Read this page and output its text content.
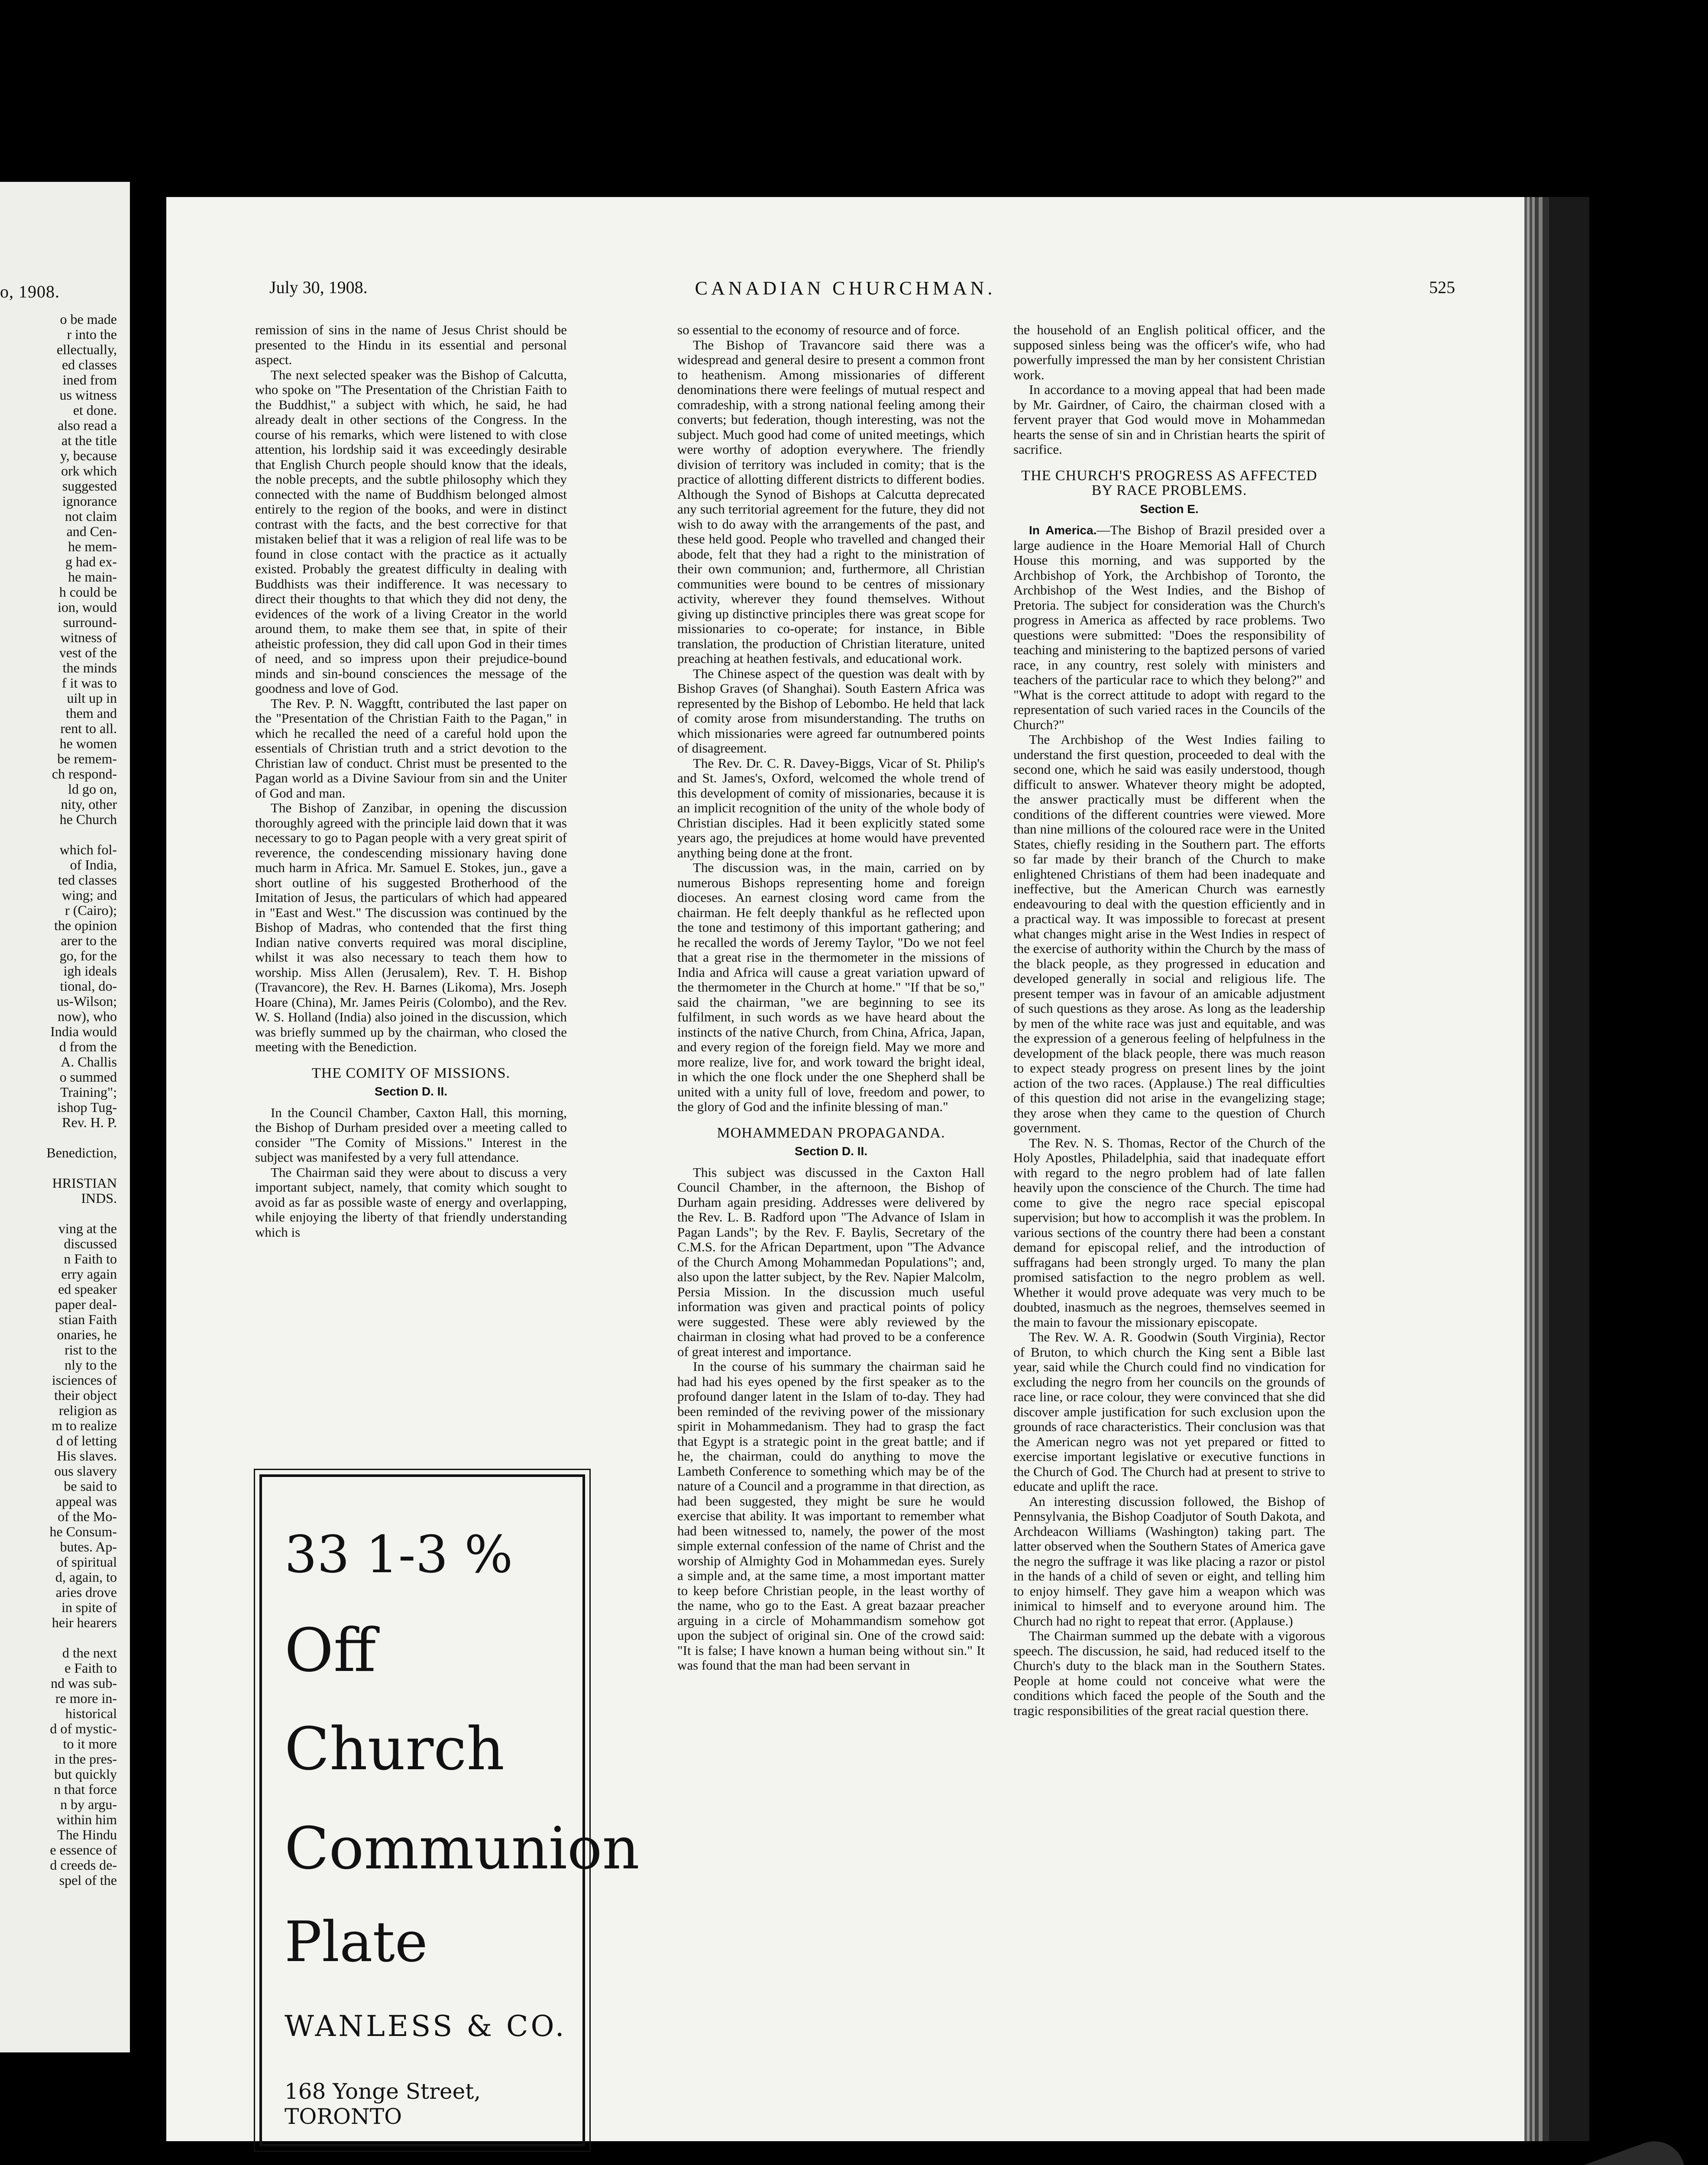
o, 1908.
o be made
r into the
ellectually,
ed classes
ined from
us witness
et done.
also read a
at the title
y, because
ork which
suggested
ignorance
not claim
and Cen-
he mem-
g had ex-
he main-
h could be
ion, would
surround-
witness of
vest of the
the minds
f it was to
uilt up in
them and
rent to all.
he women
be remem-
ch respond-
ld go on,
nity, other
he Church

which fol-
of India,
ted classes
wing; and
r (Cairo);
the opinion
arer to the
go, for the
igh ideals
tional, do-
us-Wilson;
now), who
India would
d from the
A. Challis
o summed
Training";
ishop Tug-
Rev. H. P.

Benediction,

HRISTIAN
INDS.

ving at the
discussed
n Faith to
erry again
ed speaker
paper deal-
stian Faith
onaries, he
rist to the
nly to the
isciences of
their object
religion as
m to realize
d of letting
His slaves.
ous slavery
be said to
appeal was
of the Mo-
he Consum-
butes. Ap-
of spiritual
d, again, to
aries drove
in spite of
heir hearers

d the next
e Faith to
nd was sub-
re more in-
historical
d of mystic-
to it more
in the pres-
but quickly
n that force
n by argu-
within him
The Hindu
e essence of
d creeds de-
spel of the
July 30, 1908.	CANADIAN CHURCHMAN.	525

remission of sins in the name of Jesus Christ should be presented to the Hindu in its essential and personal aspect.

The next selected speaker was the Bishop of Calcutta, who spoke on "The Presentation of the Christian Faith to the Buddhist," a subject with which, he said, he had already dealt in other sections of the Congress. In the course of his remarks, which were listened to with close attention, his lordship said it was exceedingly desirable that English Church people should know that the ideals, the noble precepts, and the subtle philosophy which they connected with the name of Buddhism belonged almost entirely to the region of the books, and were in distinct contrast with the facts, and the best corrective for that mistaken belief that it was a religion of real life was to be found in close contact with the practice as it actually existed. Probably the greatest difficulty in dealing with Buddhists was their indifference. It was necessary to direct their thoughts to that which they did not deny, the evidences of the work of a living Creator in the world around them, to make them see that, in spite of their atheistic profession, they did call upon God in their times of need, and so impress upon their prejudice-bound minds and sin-bound consciences the message of the goodness and love of God.

The Rev. P. N. Waggftt, contributed the last paper on the "Presentation of the Christian Faith to the Pagan," in which he recalled the need of a careful hold upon the essentials of Christian truth and a strict devotion to the Christian law of conduct. Christ must be presented to the Pagan world as a Divine Saviour from sin and the Uniter of God and man.

The Bishop of Zanzibar, in opening the discussion thoroughly agreed with the principle laid down that it was necessary to go to Pagan people with a very great spirit of reverence, the condescending missionary having done much harm in Africa. Mr. Samuel E. Stokes, jun., gave a short outline of his suggested Brotherhood of the Imitation of Jesus, the particulars of which had appeared in "East and West." The discussion was continued by the Bishop of Madras, who contended that the first thing Indian native converts required was moral discipline, whilst it was also necessary to teach them how to worship. Miss Allen (Jerusalem), Rev. T. H. Bishop (Travancore), the Rev. H. Barnes (Likoma), Mrs. Joseph Hoare (China), Mr. James Peiris (Colombo), and the Rev. W. S. Holland (India) also joined in the discussion, which was briefly summed up by the chairman, who closed the meeting with the Benediction.

THE COMITY OF MISSIONS.
Section D. II.

In the Council Chamber, Caxton Hall, this morning, the Bishop of Durham presided over a meeting called to consider "The Comity of Missions." Interest in the subject was manifested by a very full attendance.

The Chairman said they were about to discuss a very important subject, namely, that comity which sought to avoid as far as possible waste of energy and overlapping, while enjoying the liberty of that friendly understanding which is

33 1-3 %
Off
Church
Communion
Plate
WANLESS & CO.
168 Yonge Street, TORONTO

so essential to the economy of resource and of force.

The Bishop of Travancore said there was a widespread and general desire to present a common front to heathenism. Among missionaries of different denominations there were feelings of mutual respect and comradeship, with a strong national feeling among their converts; but federation, though interesting, was not the subject. Much good had come of united meetings, which were worthy of adoption everywhere. The friendly division of territory was included in comity; that is the practice of allotting different districts to different bodies. Although the Synod of Bishops at Calcutta deprecated any such territorial agreement for the future, they did not wish to do away with the arrangements of the past, and these held good. People who travelled and changed their abode, felt that they had a right to the ministration of their own communion; and, furthermore, all Christian communities were bound to be centres of missionary activity, wherever they found themselves. Without giving up distinctive principles there was great scope for missionaries to co-operate; for instance, in Bible translation, the production of Christian literature, united preaching at heathen festivals, and educational work.

The Chinese aspect of the question was dealt with by Bishop Graves (of Shanghai). South Eastern Africa was represented by the Bishop of Lebombo. He held that lack of comity arose from misunderstanding. The truths on which missionaries were agreed far outnumbered points of disagreement.

The Rev. Dr. C. R. Davey-Biggs, Vicar of St. Philip's and St. James's, Oxford, welcomed the whole trend of this development of comity of missionaries, because it is an implicit recognition of the unity of the whole body of Christian disciples. Had it been explicitly stated some years ago, the prejudices at home would have prevented anything being done at the front.

The discussion was, in the main, carried on by numerous Bishops representing home and foreign dioceses. An earnest closing word came from the chairman. He felt deeply thankful as he reflected upon the tone and testimony of this important gathering; and he recalled the words of Jeremy Taylor, "Do we not feel that a great rise in the thermometer in the missions of India and Africa will cause a great variation upward of the thermometer in the Church at home." "If that be so," said the chairman, "we are beginning to see its fulfilment, in such words as we have heard about the instincts of the native Church, from China, Africa, Japan, and every region of the foreign field. May we more and more realize, live for, and work toward the bright ideal, in which the one flock under the one Shepherd shall be united with a unity full of love, freedom and power, to the glory of God and the infinite blessing of man."

MOHAMMEDAN PROPAGANDA.
Section D. II.

This subject was discussed in the Caxton Hall Council Chamber, in the afternoon, the Bishop of Durham again presiding. Addresses were delivered by the Rev. L. B. Radford upon "The Advance of Islam in Pagan Lands"; by the Rev. F. Baylis, Secretary of the C.M.S. for the African Department, upon "The Advance of the Church Among Mohammedan Populations"; and, also upon the latter subject, by the Rev. Napier Malcolm, Persia Mission. In the discussion much useful information was given and practical points of policy were suggested. These were ably reviewed by the chairman in closing what had proved to be a conference of great interest and importance.

In the course of his summary the chairman said he had had his eyes opened by the first speaker as to the profound danger latent in the Islam of to-day. They had been reminded of the reviving power of the missionary spirit in Mohammedanism. They had to grasp the fact that Egypt is a strategic point in the great battle; and if he, the chairman, could do anything to move the Lambeth Conference to something which may be of the nature of a Council and a programme in that direction, as had been suggested, they might be sure he would exercise that ability. It was important to remember what had been witnessed to, namely, the power of the most simple external confession of the name of Christ and the worship of Almighty God in Mohammedan eyes. Surely a simple and, at the same time, a most important matter to keep before Christian people, in the least worthy of the name, who go to the East. A great bazaar preacher arguing in a circle of Mohammandism somehow got upon the subject of original sin. One of the crowd said: "It is false; I have known a human being without sin." It was found that the man had been servant in

the household of an English political officer, and the supposed sinless being was the officer's wife, who had powerfully impressed the man by her consistent Christian work.

In accordance to a moving appeal that had been made by Mr. Gairdner, of Cairo, the chairman closed with a fervent prayer that God would move in Mohammedan hearts the sense of sin and in Christian hearts the spirit of sacrifice.

THE CHURCH'S PROGRESS AS AFFECTED BY RACE PROBLEMS.
Section E.

In America.—The Bishop of Brazil presided over a large audience in the Hoare Memorial Hall of Church House this morning, and was supported by the Archbishop of York, the Archbishop of Toronto, the Archbishop of the West Indies, and the Bishop of Pretoria. The subject for consideration was the Church's progress in America as affected by race problems. Two questions were submitted: "Does the responsibility of teaching and ministering to the baptized persons of varied race, in any country, rest solely with ministers and teachers of the particular race to which they belong?" and "What is the correct attitude to adopt with regard to the representation of such varied races in the Councils of the Church?"

The Archbishop of the West Indies failing to understand the first question, proceeded to deal with the second one, which he said was easily understood, though difficult to answer. Whatever theory might be adopted, the answer practically must be different when the conditions of the different countries were viewed. More than nine millions of the coloured race were in the United States, chiefly residing in the Southern part. The efforts so far made by their branch of the Church to make enlightened Christians of them had been inadequate and ineffective, but the American Church was earnestly endeavouring to deal with the question efficiently and in a practical way. It was impossible to forecast at present what changes might arise in the West Indies in respect of the exercise of authority within the Church by the mass of the black people, as they progressed in education and developed generally in social and religious life. The present temper was in favour of an amicable adjustment of such questions as they arose. As long as the leadership by men of the white race was just and equitable, and was the expression of a generous feeling of helpfulness in the development of the black people, there was much reason to expect steady progress on present lines by the joint action of the two races. (Applause.) The real difficulties of this question did not arise in the evangelizing stage; they arose when they came to the question of Church government.

The Rev. N. S. Thomas, Rector of the Church of the Holy Apostles, Philadelphia, said that inadequate effort with regard to the negro problem had of late fallen heavily upon the conscience of the Church. The time had come to give the negro race special episcopal supervision; but how to accomplish it was the problem. In various sections of the country there had been a constant demand for episcopal relief, and the introduction of suffragans had been strongly urged. To many the plan promised satisfaction to the negro problem as well. Whether it would prove adequate was very much to be doubted, inasmuch as the negroes, themselves seemed in the main to favour the missionary episcopate.

The Rev. W. A. R. Goodwin (South Virginia), Rector of Bruton, to which church the King sent a Bible last year, said while the Church could find no vindication for excluding the negro from her councils on the grounds of race line, or race colour, they were convinced that she did discover ample justification for such exclusion upon the grounds of race characteristics. Their conclusion was that the American negro was not yet prepared or fitted to exercise important legislative or executive functions in the Church of God. The Church had at present to strive to educate and uplift the race.

An interesting discussion followed, the Bishop of Pennsylvania, the Bishop Coadjutor of South Dakota, and Archdeacon Williams (Washington) taking part. The latter observed when the Southern States of America gave the negro the suffrage it was like placing a razor or pistol in the hands of a child of seven or eight, and telling him to enjoy himself. They gave him a weapon which was inimical to himself and to everyone around him. The Church had no right to repeat that error. (Applause.)

The Chairman summed up the debate with a vigorous speech. The discussion, he said, had reduced itself to the Church's duty to the black man in the Southern States. People at home could not conceive what were the conditions which faced the people of the South and the tragic responsibilities of the great racial question there.
